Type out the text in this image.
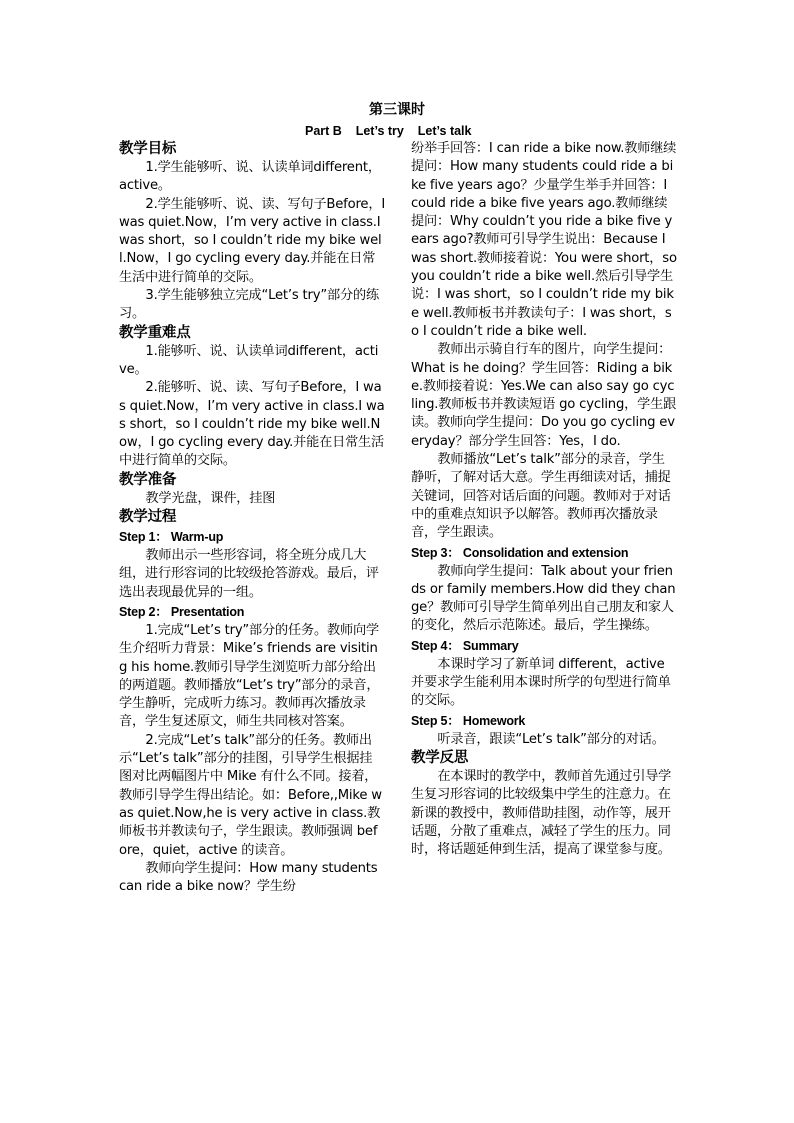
第三课时
Part B    Let’s try    Let’s talk
教学目标

1.学生能够听、说、认读单词different，active。

2.学生能够听、说、读、写句子Before，I was quiet.Now，I’m very active in class.I was short，so I couldn’t ride my bike well.Now，I go cycling every day.并能在日常生活中进行简单的交际。

3.学生能够独立完成“Let’s try”部分的练习。

教学重难点

1.能够听、说、认读单词different，active。

2.能够听、说、读、写句子Before，I was quiet.Now，I’m very active in class.I was short，so I couldn’t ride my bike well.Now，I go cycling every day.并能在日常生活中进行简单的交际。

教学准备

教学光盘，课件，挂图

教学过程
Step 1： Warm-up

教师出示一些形容词，将全班分成几大组，进行形容词的比较级抢答游戏。最后，评选出表现最优异的一组。

Step 2： Presentation

1.完成“Let’s try”部分的任务。教师向学生介绍听力背景：Mike’s friends are visiting his home.教师引导学生浏览听力部分给出的两道题。教师播放“Let’s try”部分的录音，学生静听，完成听力练习。教师再次播放录音，学生复述原文，师生共同核对答案。

2.完成“Let’s talk”部分的任务。教师出示“Let’s talk”部分的挂图，引导学生根据挂图对比两幅图片中 Mike 有什么不同。接着，教师引导学生得出结论。如：Before,,Mike was quiet.Now,he is very active in class.教师板书并教读句子，学生跟读。教师强调 before，quiet，active 的读音。

教师向学生提问：How many students can ride a bike now？学生纷

纷举手回答：I can ride a bike now.教师继续提问：How many students could ride a bike five years ago？少量学生举手并回答：I could ride a bike five years ago.教师继续提问：Why couldn’t you ride a bike five years ago?教师可引导学生说出：Because I was short.教师接着说：You were short，so you couldn’t ride a bike well.然后引导学生说：I was short，so I couldn’t ride my bike well.教师板书并教读句子：I was short，so I couldn’t ride a bike well.

教师出示骑自行车的图片，向学生提问：What is he doing？学生回答：Riding a bike.教师接着说：Yes.We can also say go cycling.教师板书并教读短语 go cycling，学生跟读。教师向学生提问：Do you go cycling everyday？部分学生回答：Yes，I do.

教师播放“Let’s talk”部分的录音，学生静听，了解对话大意。学生再细读对话，捕捉关键词，回答对话后面的问题。教师对于对话中的重难点知识予以解答。教师再次播放录音，学生跟读。

Step 3： Consolidation and extension

教师向学生提问：Talk about your friends or family members.How did they change？教师可引导学生简单列出自己朋友和家人的变化，然后示范陈述。最后，学生操练。

Step 4： Summary

本课时学习了新单词 different，active 并要求学生能利用本课时所学的句型进行简单的交际。

Step 5： Homework

听录音，跟读“Let’s talk”部分的对话。

教学反思

在本课时的教学中，教师首先通过引导学生复习形容词的比较级集中学生的注意力。在新课的教授中，教师借助挂图，动作等，展开话题，分散了重难点，减轻了学生的压力。同时，将话题延伸到生活，提高了课堂参与度。
